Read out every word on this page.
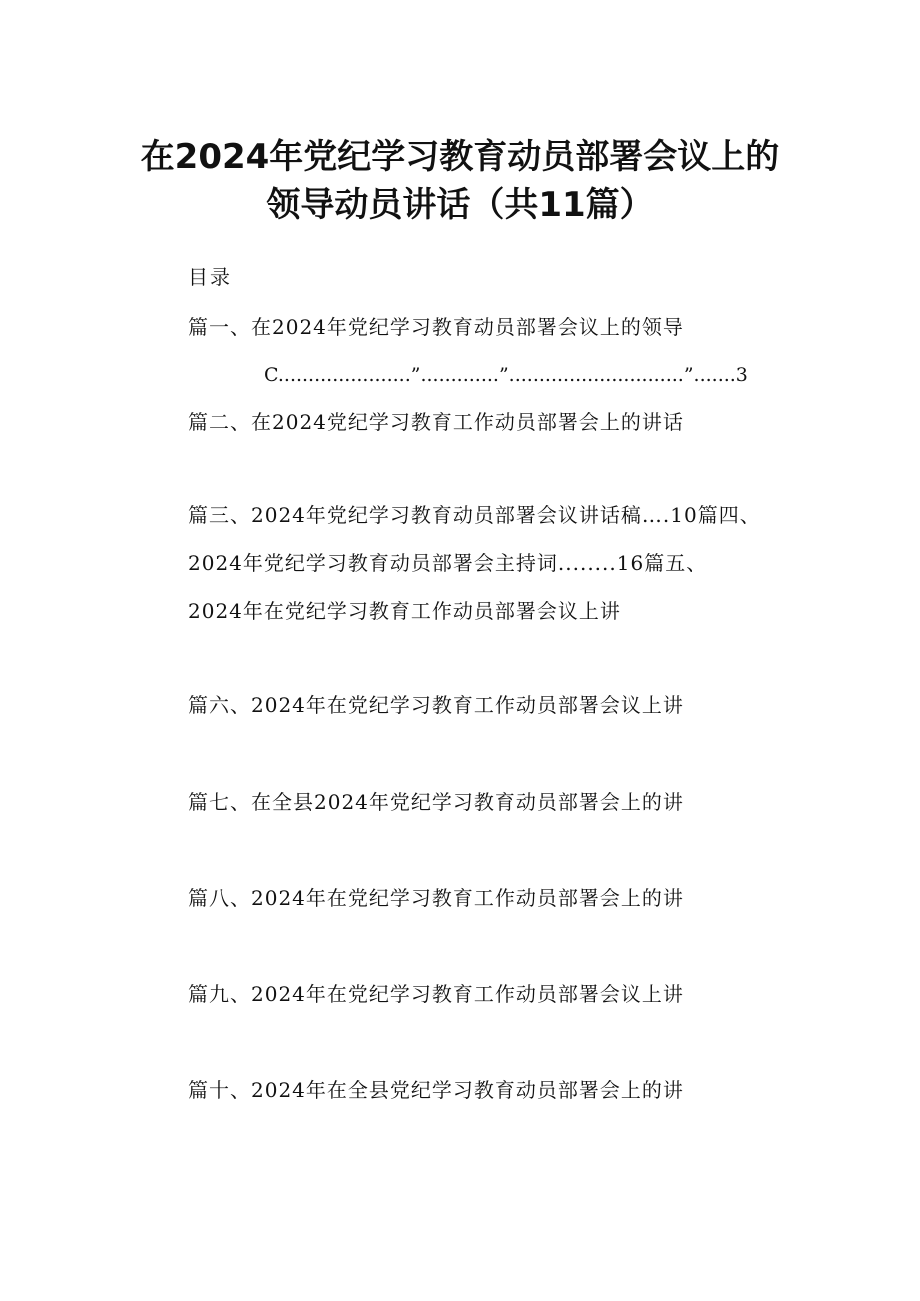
在2024年党纪学习教育动员部署会议上的
领导动员讲话（共11篇）
目录
篇一、在2024年党纪学习教育动员部署会议上的领导
C......................”.............”.............................”.......3
篇二、在2024党纪学习教育工作动员部署会上的讲话
篇三、2024年党纪学习教育动员部署会议讲话稿….10篇四、
2024年党纪学习教育动员部署会主持词........16篇五、
2024年在党纪学习教育工作动员部署会议上讲
篇六、2024年在党纪学习教育工作动员部署会议上讲
篇七、在全县2024年党纪学习教育动员部署会上的讲
篇八、2024年在党纪学习教育工作动员部署会上的讲
篇九、2024年在党纪学习教育工作动员部署会议上讲
篇十、2024年在全县党纪学习教育动员部署会上的讲
